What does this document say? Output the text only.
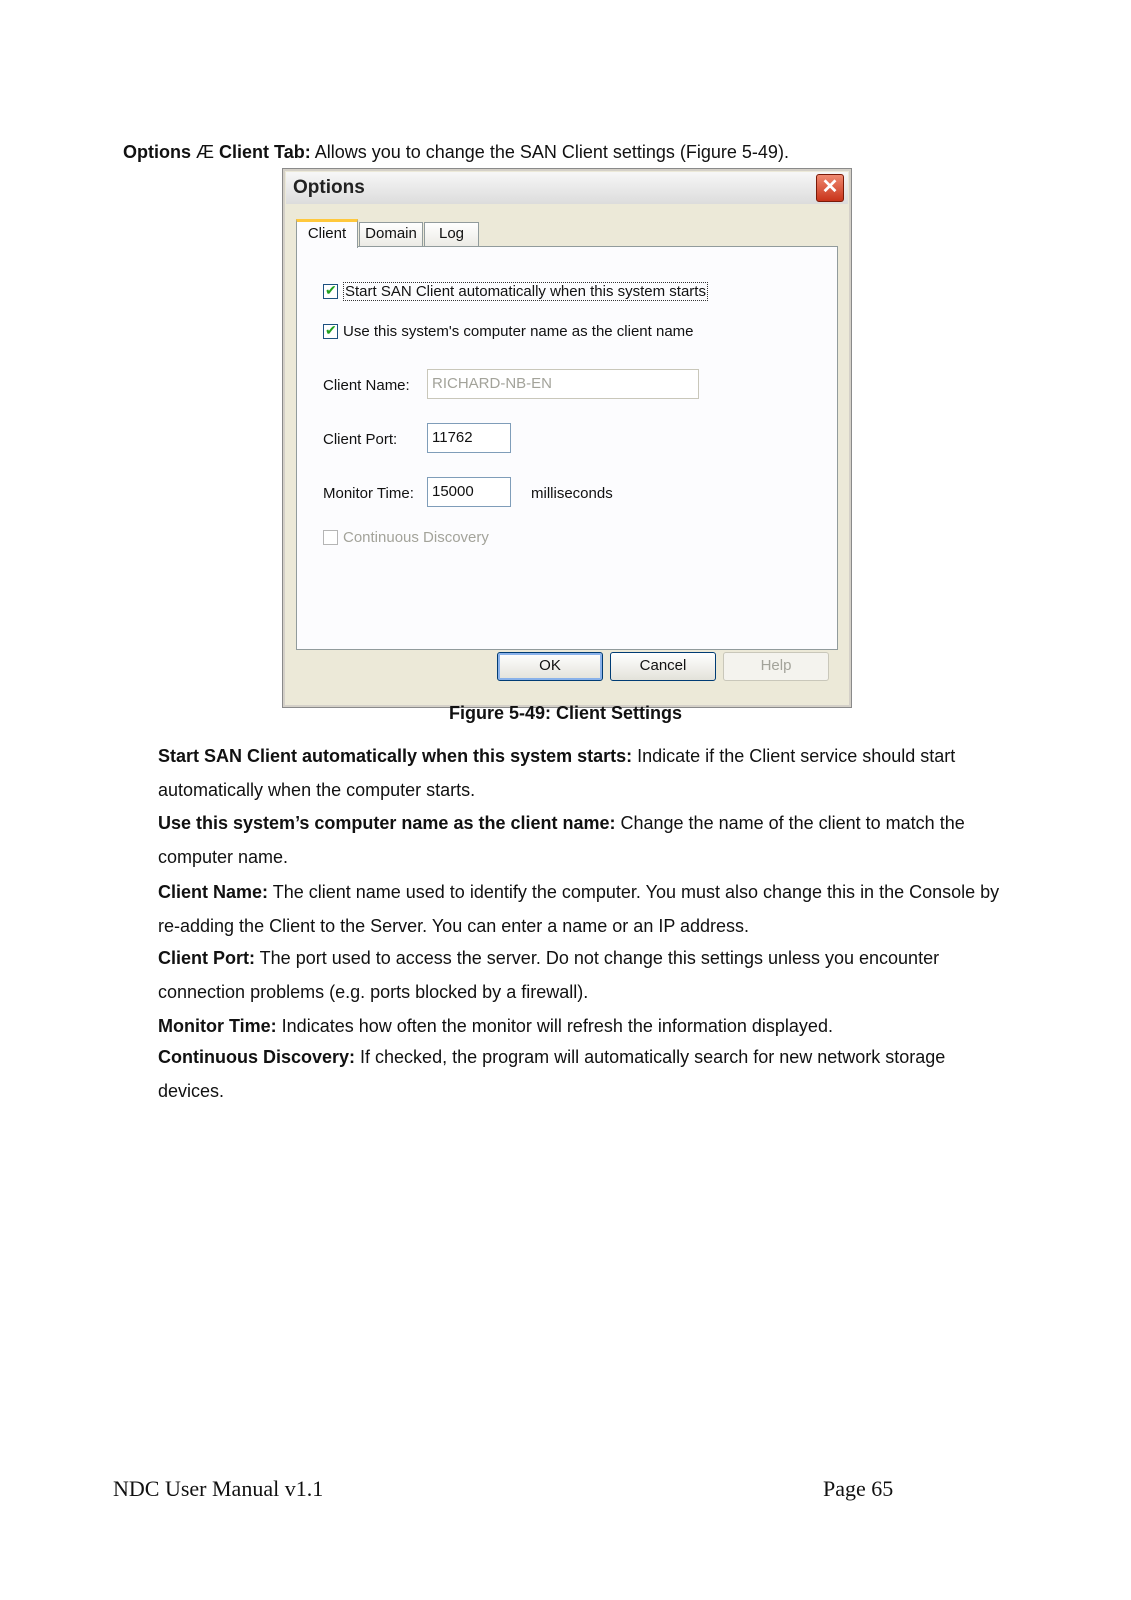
Options Æ Client Tab: Allows you to change the SAN Client settings (Figure 5-49).
Options	✕
Client	Domain	Log
✔Start SAN Client automatically when this system starts
✔Use this system's computer name as the client name
Client Name:	RICHARD-NB-EN
Client Port:	11762
Monitor Time:	15000	milliseconds
Continuous Discovery
OK	Cancel	Help
Figure 5-49: Client Settings
Start SAN Client automatically when this system starts: Indicate if the Client service should start automatically when the computer starts.
Use this system’s computer name as the client name: Change the name of the client to match the computer name.
Client Name: The client name used to identify the computer. You must also change this in the Console by re-adding the Client to the Server. You can enter a name or an IP address.
Client Port: The port used to access the server. Do not change this settings unless you encounter connection problems (e.g. ports blocked by a firewall).
Monitor Time: Indicates how often the monitor will refresh the information displayed.
Continuous Discovery: If checked, the program will automatically search for new network storage devices.
NDC User Manual v1.1	Page 65
